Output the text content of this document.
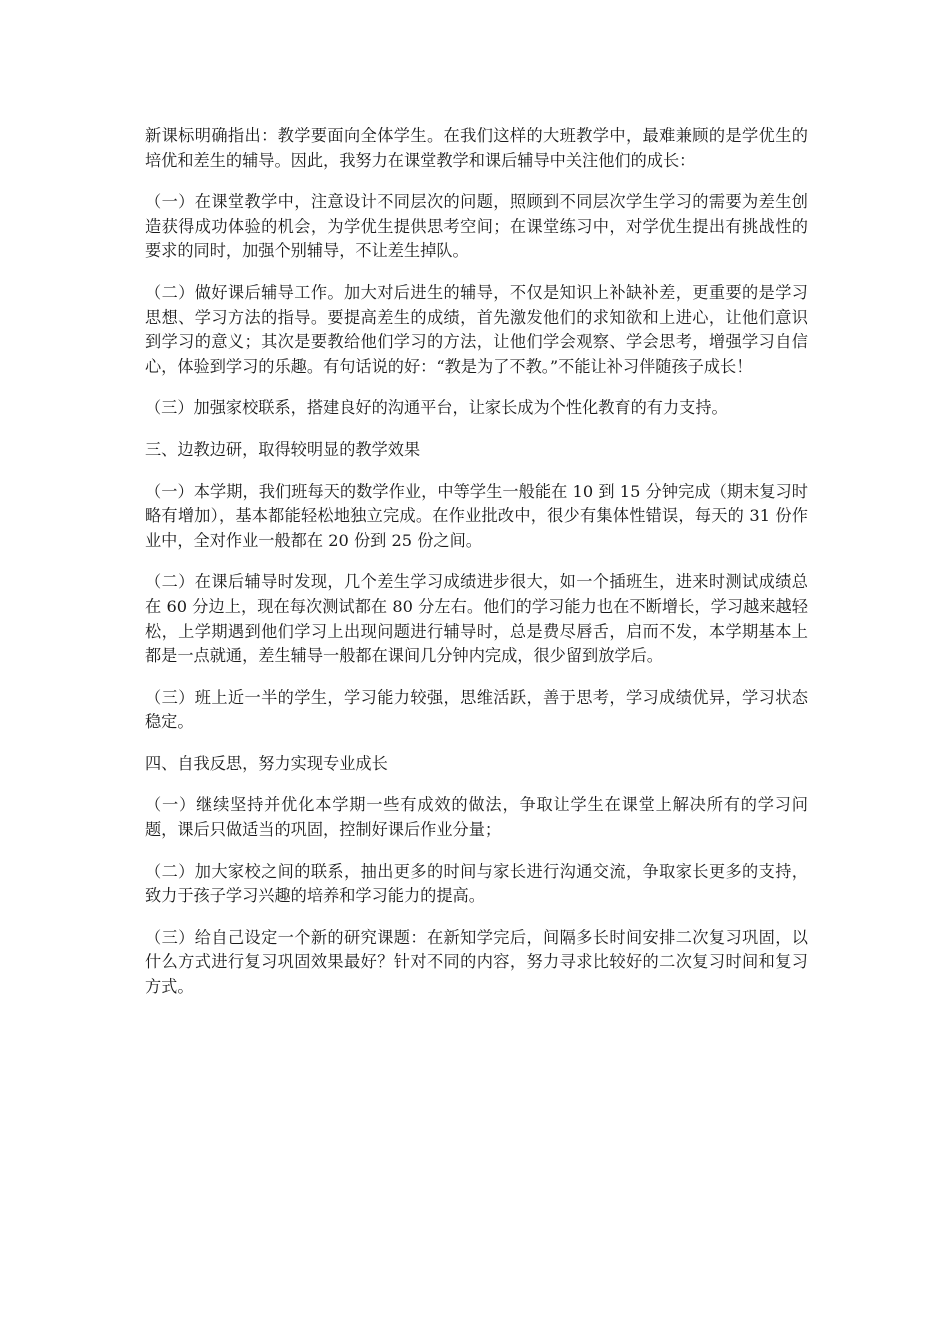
新课标明确指出：教学要面向全体学生。在我们这样的大班教学中，最难兼顾的是学优生的培优和差生的辅导。因此，我努力在课堂教学和课后辅导中关注他们的成长：

（一）在课堂教学中，注意设计不同层次的问题，照顾到不同层次学生学习的需要为差生创造获得成功体验的机会，为学优生提供思考空间；在课堂练习中，对学优生提出有挑战性的要求的同时，加强个别辅导，不让差生掉队。

（二）做好课后辅导工作。加大对后进生的辅导，不仅是知识上补缺补差，更重要的是学习思想、学习方法的指导。要提高差生的成绩，首先激发他们的求知欲和上进心，让他们意识到学习的意义；其次是要教给他们学习的方法，让他们学会观察、学会思考，增强学习自信心，体验到学习的乐趣。有句话说的好：“教是为了不教。”不能让补习伴随孩子成长！

（三）加强家校联系，搭建良好的沟通平台，让家长成为个性化教育的有力支持。

三、边教边研，取得较明显的教学效果

（一）本学期，我们班每天的数学作业，中等学生一般能在 10 到 15 分钟完成（期末复习时略有增加），基本都能轻松地独立完成。在作业批改中，很少有集体性错误，每天的 31 份作业中，全对作业一般都在 20 份到 25 份之间。

（二）在课后辅导时发现，几个差生学习成绩进步很大，如一个插班生，进来时测试成绩总在 60 分边上，现在每次测试都在 80 分左右。他们的学习能力也在不断增长，学习越来越轻松，上学期遇到他们学习上出现问题进行辅导时，总是费尽唇舌，启而不发，本学期基本上都是一点就通，差生辅导一般都在课间几分钟内完成，很少留到放学后。

（三）班上近一半的学生，学习能力较强，思维活跃，善于思考，学习成绩优异，学习状态稳定。

四、自我反思，努力实现专业成长

（一）继续坚持并优化本学期一些有成效的做法，争取让学生在课堂上解决所有的学习问题，课后只做适当的巩固，控制好课后作业分量；

（二）加大家校之间的联系，抽出更多的时间与家长进行沟通交流，争取家长更多的支持，致力于孩子学习兴趣的培养和学习能力的提高。

（三）给自己设定一个新的研究课题：在新知学完后，间隔多长时间安排二次复习巩固，以什么方式进行复习巩固效果最好？针对不同的内容，努力寻求比较好的二次复习时间和复习方式。
